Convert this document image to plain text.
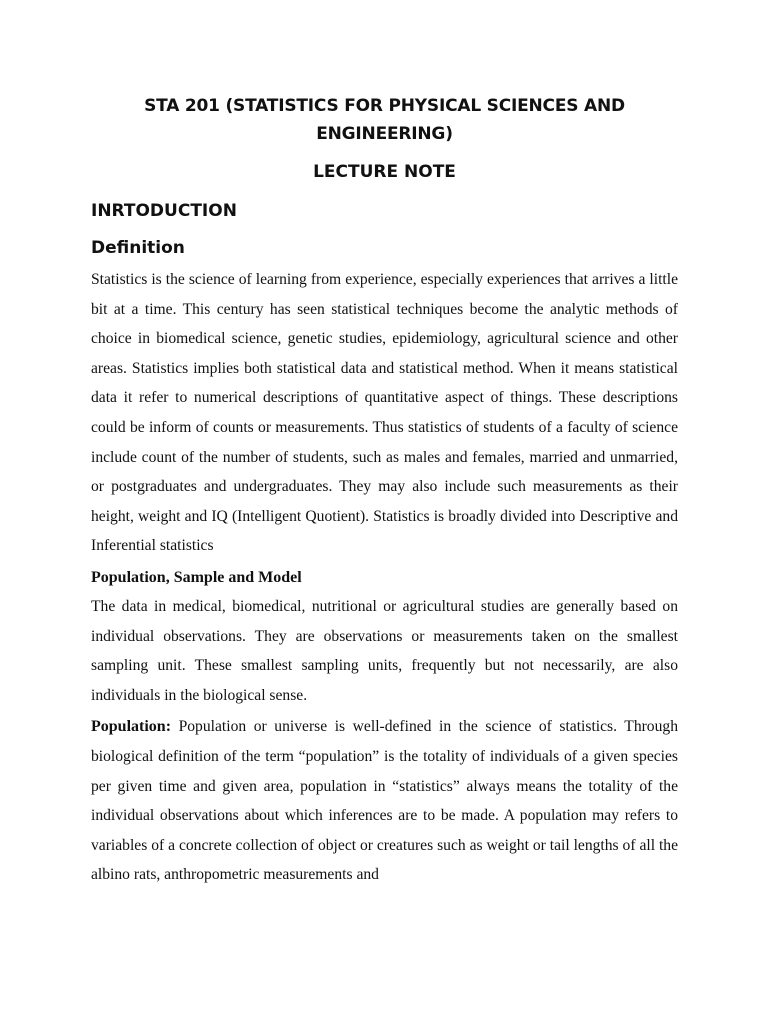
STA 201 (STATISTICS FOR PHYSICAL SCIENCES AND ENGINEERING)

LECTURE NOTE

INRTODUCTION

Definition

Statistics is the science of learning from experience, especially experiences that arrives a little bit at a time. This century has seen statistical techniques become the analytic methods of choice in biomedical science, genetic studies, epidemiology, agricultural science and other areas. Statistics implies both statistical data and statistical method. When it means statistical data it refer to numerical descriptions of quantitative aspect of things. These descriptions could be inform of counts or measurements. Thus statistics of students of a faculty of science include count of the number of students, such as males and females, married and unmarried, or postgraduates and undergraduates. They may also include such measurements as their height, weight and IQ (Intelligent Quotient). Statistics is broadly divided into Descriptive and Inferential statistics

Population, Sample and Model

The data in medical, biomedical, nutritional or agricultural studies are generally based on individual observations. They are observations or measurements taken on the smallest sampling unit. These smallest sampling units, frequently but not necessarily, are also individuals in the biological sense.

Population: Population or universe is well-defined in the science of statistics. Through biological definition of the term “population” is the totality of individuals of a given species per given time and given area, population in “statistics” always means the totality of the individual observations about which inferences are to be made. A population may refers to variables of a concrete collection of object or creatures such as weight or tail lengths of all the albino rats, anthropometric measurements and
